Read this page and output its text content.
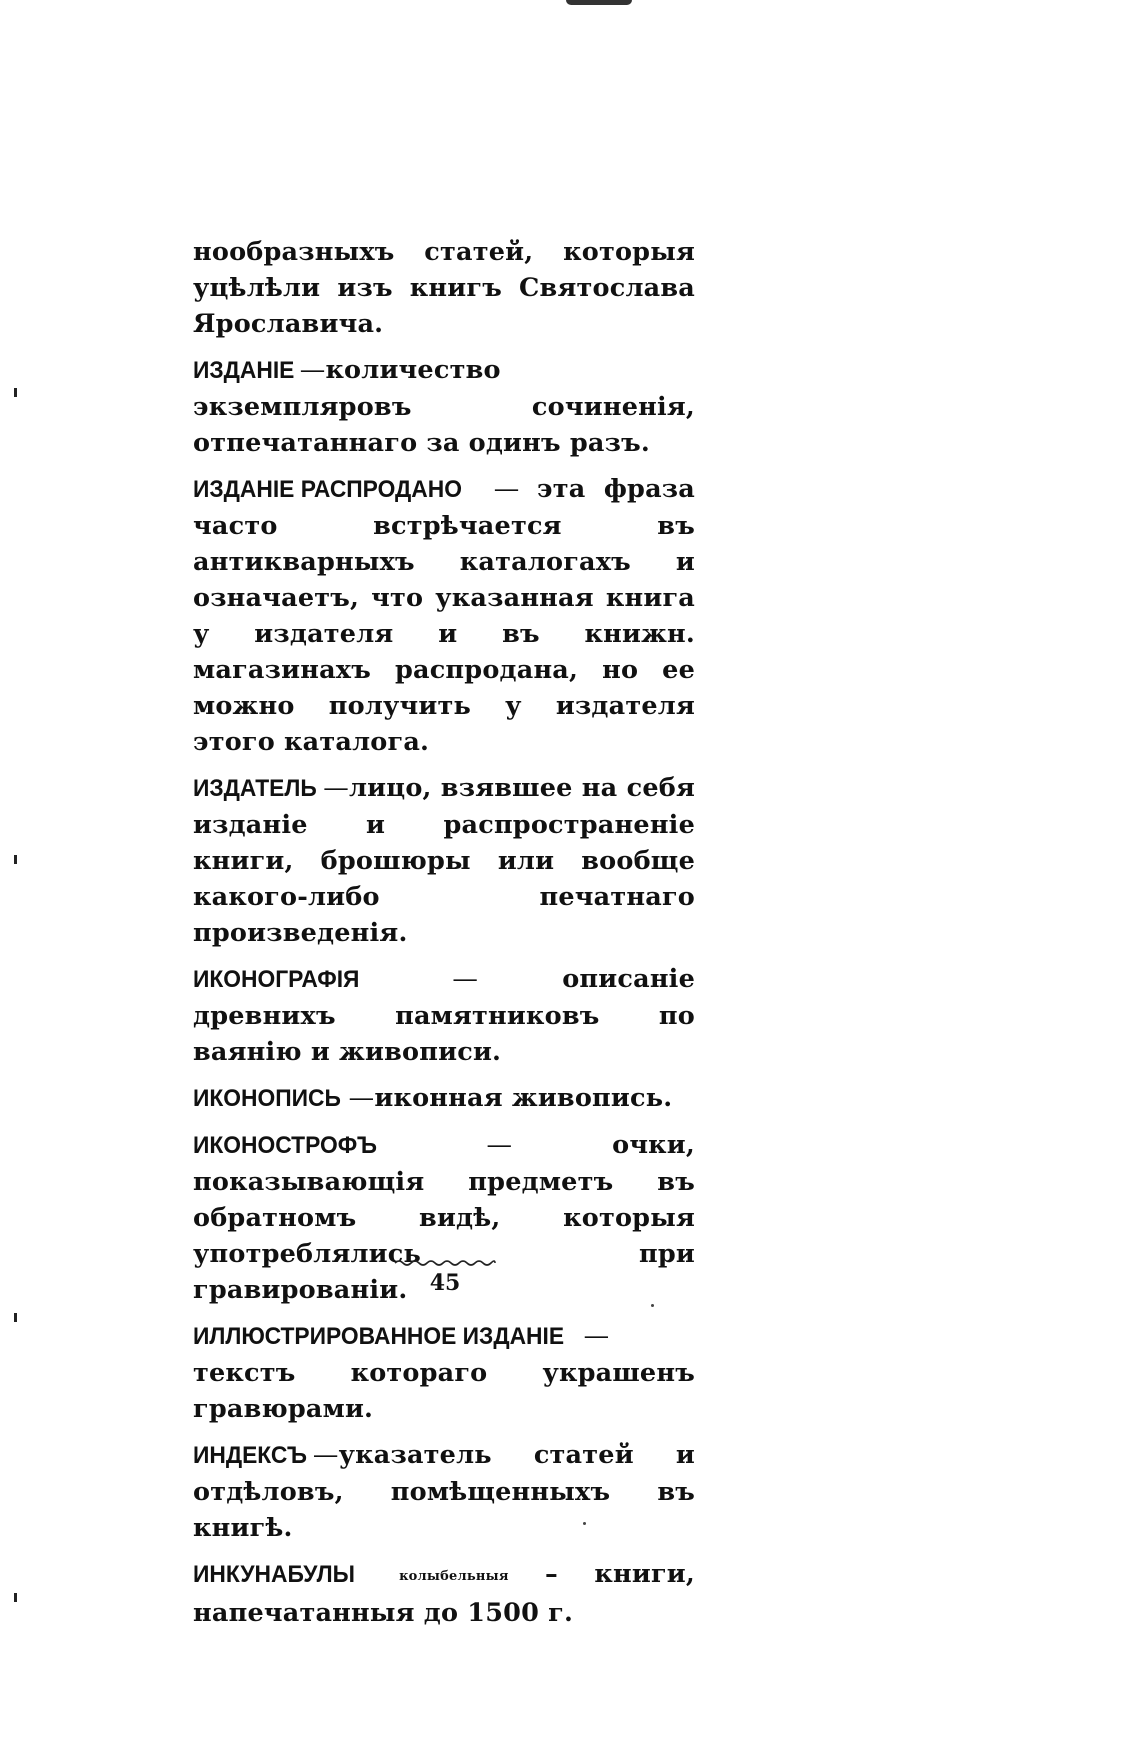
нообразныхъ статей, которыя уцѣлѣли изъ книгъ Святослава Ярославича.

ИЗДАНІЕ —количество экземпляровъ сочиненія, отпечатаннаго за одинъ разъ.

ИЗДАНІЕ РАСПРОДАНО — эта фраза часто встрѣчается въ антикварныхъ каталогахъ и означаетъ, что указанная книга у издателя и въ книжн. магазинахъ распродана, но ее можно получить у издателя этого каталога.

ИЗДАТЕЛЬ —лицо, взявшее на себя изданіе и распространеніе книги, брошюры или вообще какого-либо печатнаго произведенія.

ИКОНОГРАФІЯ — описаніе древнихъ памятниковъ по ваянію и живописи.

ИКОНОПИСЬ —иконная живопись.

ИКОНОСТРОФЪ — очки, показывающія предметъ въ обратномъ видѣ, которыя употреблялись при гравированіи.

ИЛЛЮСТРИРОВАННОЕ ИЗДАНІЕ —текстъ котораго украшенъ гравюрами.

ИНДЕКСЪ —указатель статей и отдѣловъ, помѣщенныхъ въ книгѣ.

ИНКУНАБУЛЫ	колыбельныя – книги, напечатанныя до 1500 г.

45
